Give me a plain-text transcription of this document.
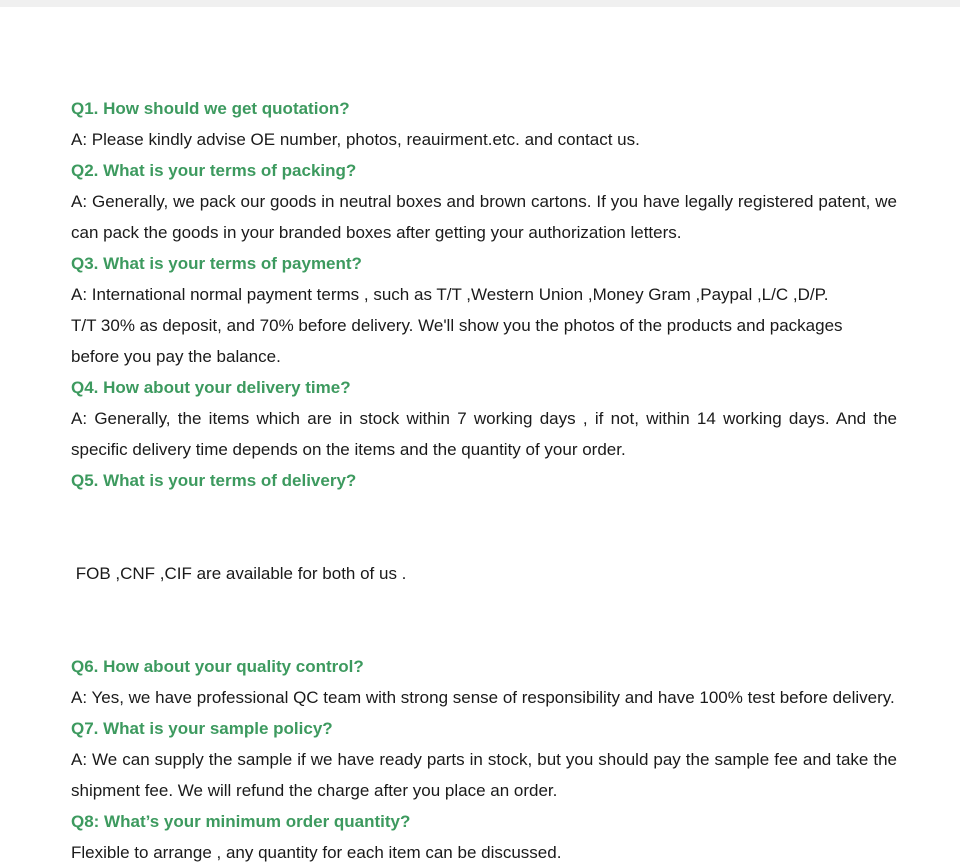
Q1. How should we get quotation?

A: Please kindly advise OE number, photos, reauirment.etc. and contact us.

Q2. What is your terms of packing?

A: Generally, we pack our goods in neutral boxes and brown cartons. If you have legally registered patent, we can pack the goods in your branded boxes after getting your authorization letters.

Q3. What is your terms of payment?

A: International normal payment terms , such as T/T ,Western Union ,Money Gram ,Paypal ,L/C ,D/P.
T/T 30% as deposit, and 70% before delivery. We'll show you the photos of the products and packages
before you pay the balance.

Q4. How about your delivery time?

A: Generally, the items which are in stock within 7 working days , if not, within 14 working days. And the specific delivery time depends on the items and the quantity of your order.

Q5. What is your terms of delivery?

FOB ,CNF ,CIF are available for both of us .

Q6. How about your quality control?

A: Yes, we have professional QC team with strong sense of responsibility and have 100% test before delivery.

Q7. What is your sample policy?

A: We can supply the sample if we have ready parts in stock, but you should pay the sample fee and take the shipment fee. We will refund the charge after you place an order.

Q8: What’s your minimum order quantity?

Flexible to arrange , any quantity for each item can be discussed.
